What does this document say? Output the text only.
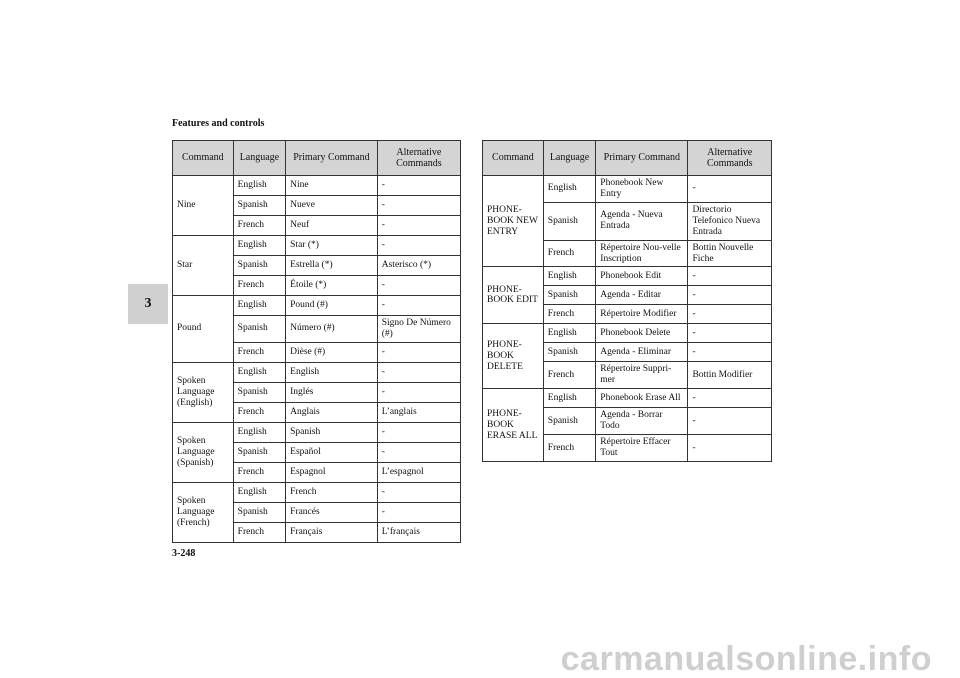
Features and controls
3
Command	Language	Primary Command	Alternative Commands
Nine	English	Nine	-
	Spanish	Nueve	-
	French	Neuf	-
Star	English	Star (*)	-
	Spanish	Estrella (*)	Asterisco (*)
	French	Étoile (*)	-
Pound	English	Pound (#)	-
	Spanish	Número (#)	Signo De Número (#)
	French	Dièse (#)	-
Spoken Language (English)	English	English	-
	Spanish	Inglés	-
	French	Anglais	L’anglais
Spoken Language (Spanish)	English	Spanish	-
	Spanish	Español	-
	French	Espagnol	L’espagnol
Spoken Language (French)	English	French	-
	Spanish	Francés	-
	French	Français	L’français
Command	Language	Primary Command	Alternative Commands
PHONE-BOOK NEW ENTRY	English	Phonebook New Entry	-
	Spanish	Agenda - Nueva Entrada	Directorio Telefonico Nueva Entrada
	French	Répertoire Nou-velle Inscription	Bottin Nouvelle Fiche
PHONE-BOOK EDIT	English	Phonebook Edit	-
	Spanish	Agenda - Editar	-
	French	Répertoire Modifier	-
PHONE-BOOK DELETE	English	Phonebook Delete	-
	Spanish	Agenda - Eliminar	-
	French	Répertoire Suppri-mer	Bottin Modifier
PHONE-BOOK ERASE ALL	English	Phonebook Erase All	-
	Spanish	Agenda - Borrar Todo	-
	French	Répertoire Effacer Tout	-
3-248
carmanualsonline.info
